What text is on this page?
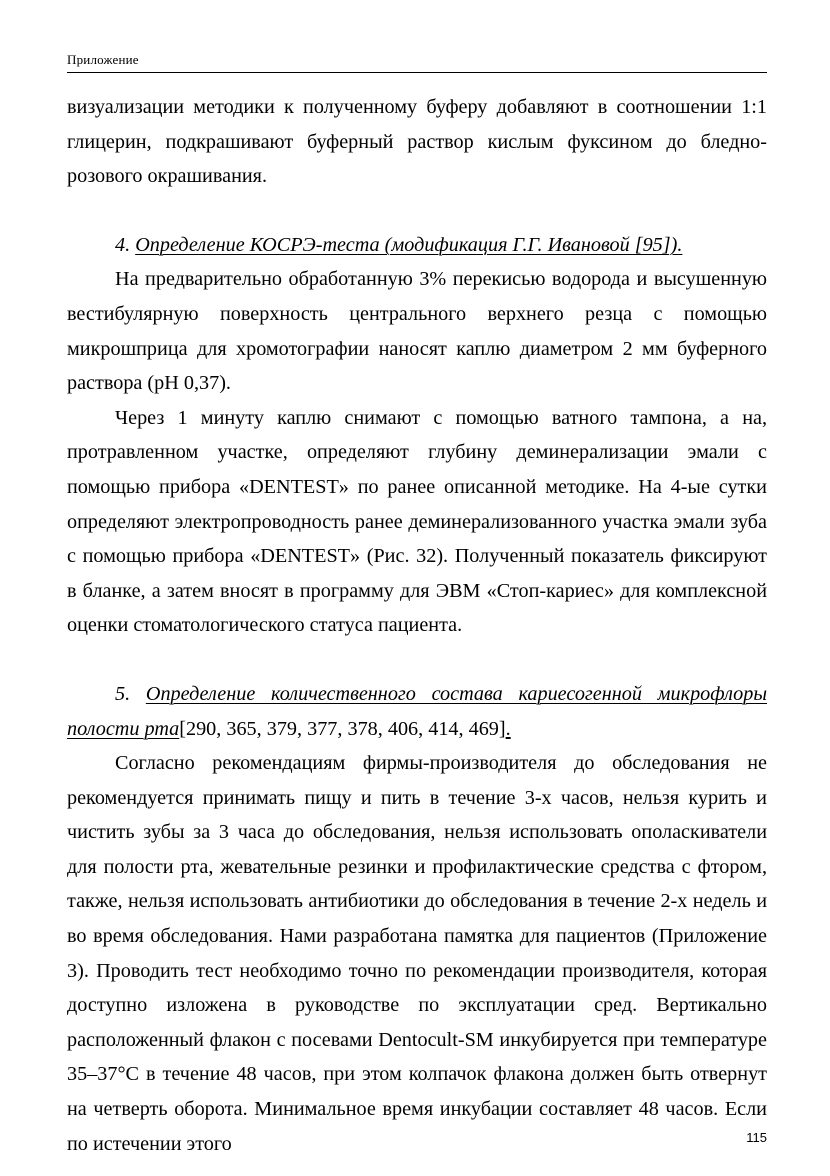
Приложение

визуализации методики к полученному буферу добавляют в соотношении 1:1 глицерин, подкрашивают буферный раствор кислым фуксином до бледно-розового окрашивания.

4. Определение КОСРЭ-теста (модификация Г.Г. Ивановой [95]).

На предварительно обработанную 3% перекисью водорода и высушенную вестибулярную поверхность центрального верхнего резца с помощью микрошприца для хромотографии наносят каплю диаметром 2 мм буферного раствора (pH 0,37).

Через 1 минуту каплю снимают с помощью ватного тампона, а на, протравленном участке, определяют глубину деминерализации эмали с помощью прибора «DENTEST» по ранее описанной методике. На 4-ые сутки определяют электропроводность ранее деминерализованного участка эмали зуба с помощью прибора «DENTEST» (Рис. 32). Полученный показатель фиксируют в бланке, а затем вносят в программу для ЭВМ «Стоп-кариес» для комплексной оценки стоматологического статуса пациента.

5. Определение количественного состава кариесогенной микрофлоры полости рта[290, 365, 379, 377, 378, 406, 414, 469].

Согласно рекомендациям фирмы-производителя до обследования не рекомендуется принимать пищу и пить в течение 3-х часов, нельзя курить и чистить зубы за 3 часа до обследования, нельзя использовать ополаскиватели для полости рта, жевательные резинки и профилактические средства с фтором, также, нельзя использовать антибиотики до обследования в течение 2-х недель и во время обследования. Нами разработана памятка для пациентов (Приложение 3). Проводить тест необходимо точно по рекомендации производителя, которая доступно изложена в руководстве по эксплуатации сред. Вертикально расположенный флакон с посевами Dentocult-SM инкубируется при температуре 35–37°С в течение 48 часов, при этом колпачок флакона должен быть отвернут на четверть оборота. Минимальное время инкубации составляет 48 часов. Если по истечении этого	115
